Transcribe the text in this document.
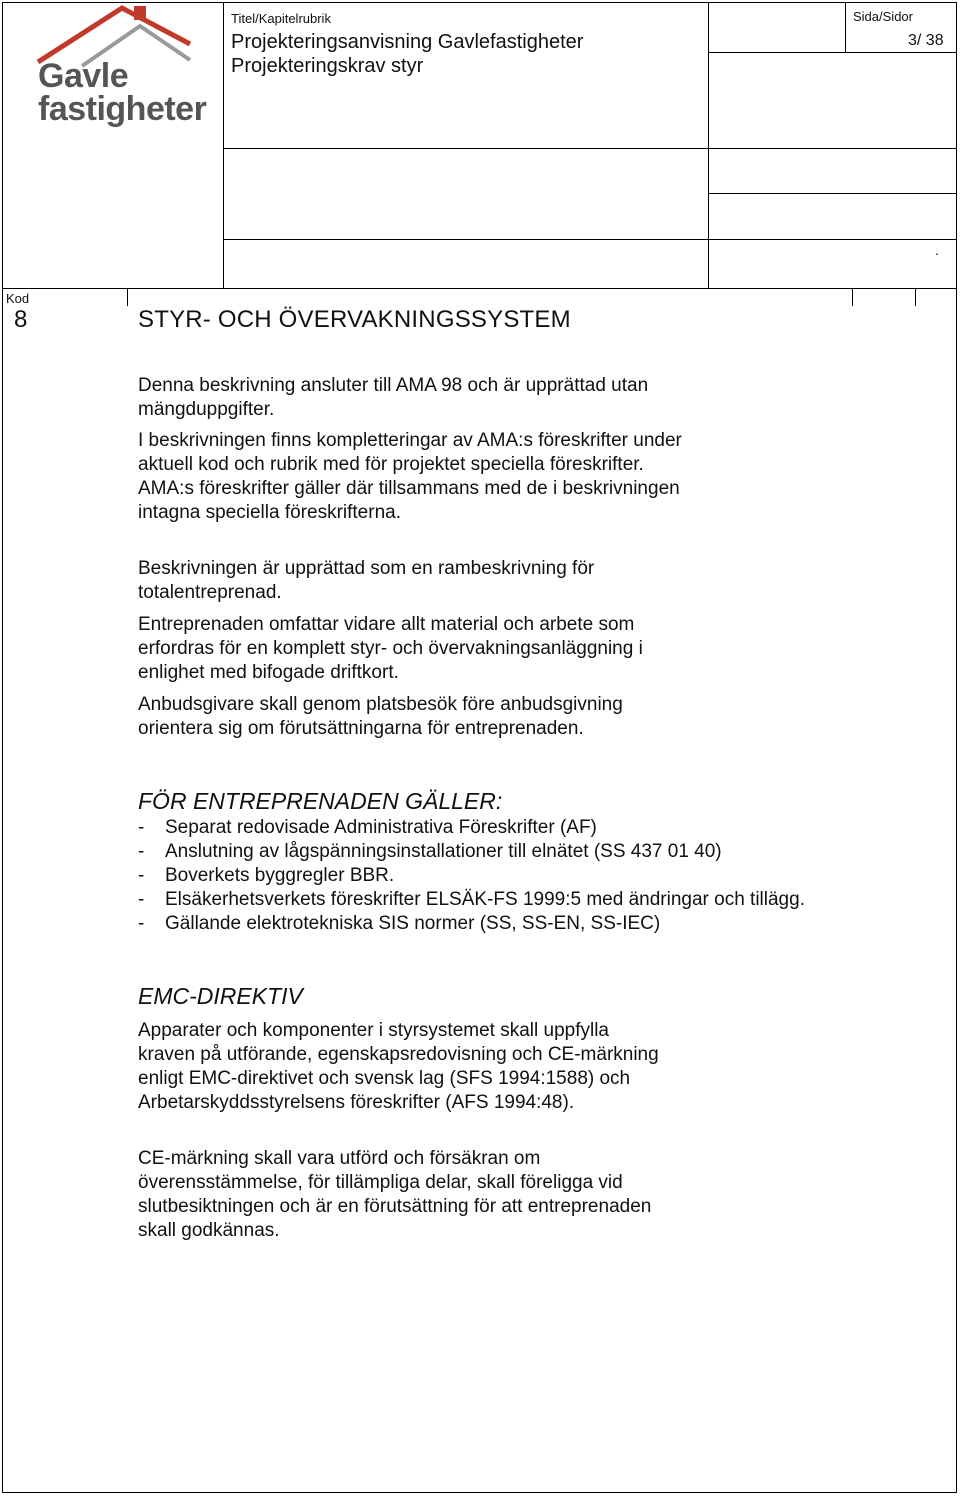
Gavle
fastigheter
Titel/Kapitelrubrik
Projekteringsanvisning Gavlefastigheter
Projekteringskrav styr
Sida/Sidor
3/ 38
.
Kod
8	STYR- OCH ÖVERVAKNINGSSYSTEM

Denna beskrivning ansluter till AMA 98 och är upprättad utan mängduppgifter.

I beskrivningen finns kompletteringar av AMA:s föreskrifter under aktuell kod och rubrik med för projektet speciella föreskrifter. AMA:s föreskrifter gäller där tillsammans med de i beskrivningen intagna speciella föreskrifterna.

Beskrivningen är upprättad som en rambeskrivning för totalentreprenad.

Entreprenaden omfattar vidare allt material och arbete som erfordras för en komplett styr- och övervakningsanläggning i enlighet med bifogade driftkort.

Anbudsgivare skall genom platsbesök före anbudsgivning orientera sig om förutsättningarna för entreprenaden.

FÖR ENTREPRENADEN GÄLLER:

- Separat redovisade Administrativa Föreskrifter (AF)
- Anslutning av lågspänningsinstallationer till elnätet (SS 437 01 40)
- Boverkets byggregler BBR.
- Elsäkerhetsverkets föreskrifter ELSÄK-FS 1999:5 med ändringar och tillägg.
- Gällande elektrotekniska SIS normer (SS, SS-EN, SS-IEC)

EMC-DIREKTIV

Apparater och komponenter i styrsystemet skall uppfylla kraven på utförande, egenskapsredovisning och CE-märkning enligt EMC-direktivet och svensk lag (SFS 1994:1588) och Arbetarskyddsstyrelsens föreskrifter (AFS 1994:48).

CE-märkning skall vara utförd och försäkran om överensstämmelse, för tillämpliga delar, skall föreligga vid slutbesiktningen och är en förutsättning för att entreprenaden skall godkännas.
